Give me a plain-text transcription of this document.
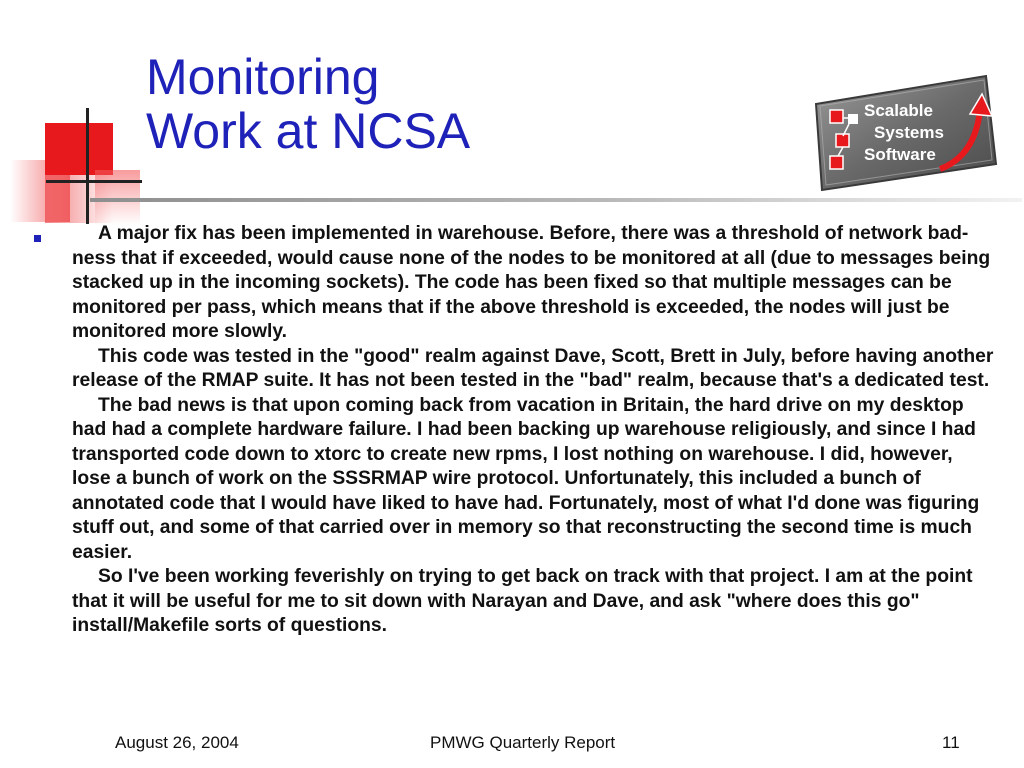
Monitoring
Work at NCSA	Scalable
Systems
Software

A major fix has been implemented in warehouse. Before, there was a threshold of network bad-ness that if exceeded, would cause none of the nodes to be monitored at all (due to messages being stacked up in the incoming sockets). The code has been fixed so that multiple messages can be monitored per pass, which means that if the above threshold is exceeded, the nodes will just be monitored more slowly.

This code was tested in the "good" realm against Dave, Scott, Brett in July, before having another release of the RMAP suite. It has not been tested in the "bad" realm, because that's a dedicated test.

The bad news is that upon coming back from vacation in Britain, the hard drive on my desktop had had a complete hardware failure. I had been backing up warehouse religiously, and since I had transported code down to xtorc to create new rpms, I lost nothing on warehouse. I did, however, lose a bunch of work on the SSSRMAP wire protocol. Unfortunately, this included a bunch of annotated code that I would have liked to have had. Fortunately, most of what I'd done was figuring stuff out, and some of that carried over in memory so that reconstructing the second time is much easier.

So I've been working feverishly on trying to get back on track with that project. I am at the point that it will be useful for me to sit down with Narayan and Dave, and ask "where does this go" install/Makefile sorts of questions.

August 26, 2004	PMWG Quarterly Report	11
